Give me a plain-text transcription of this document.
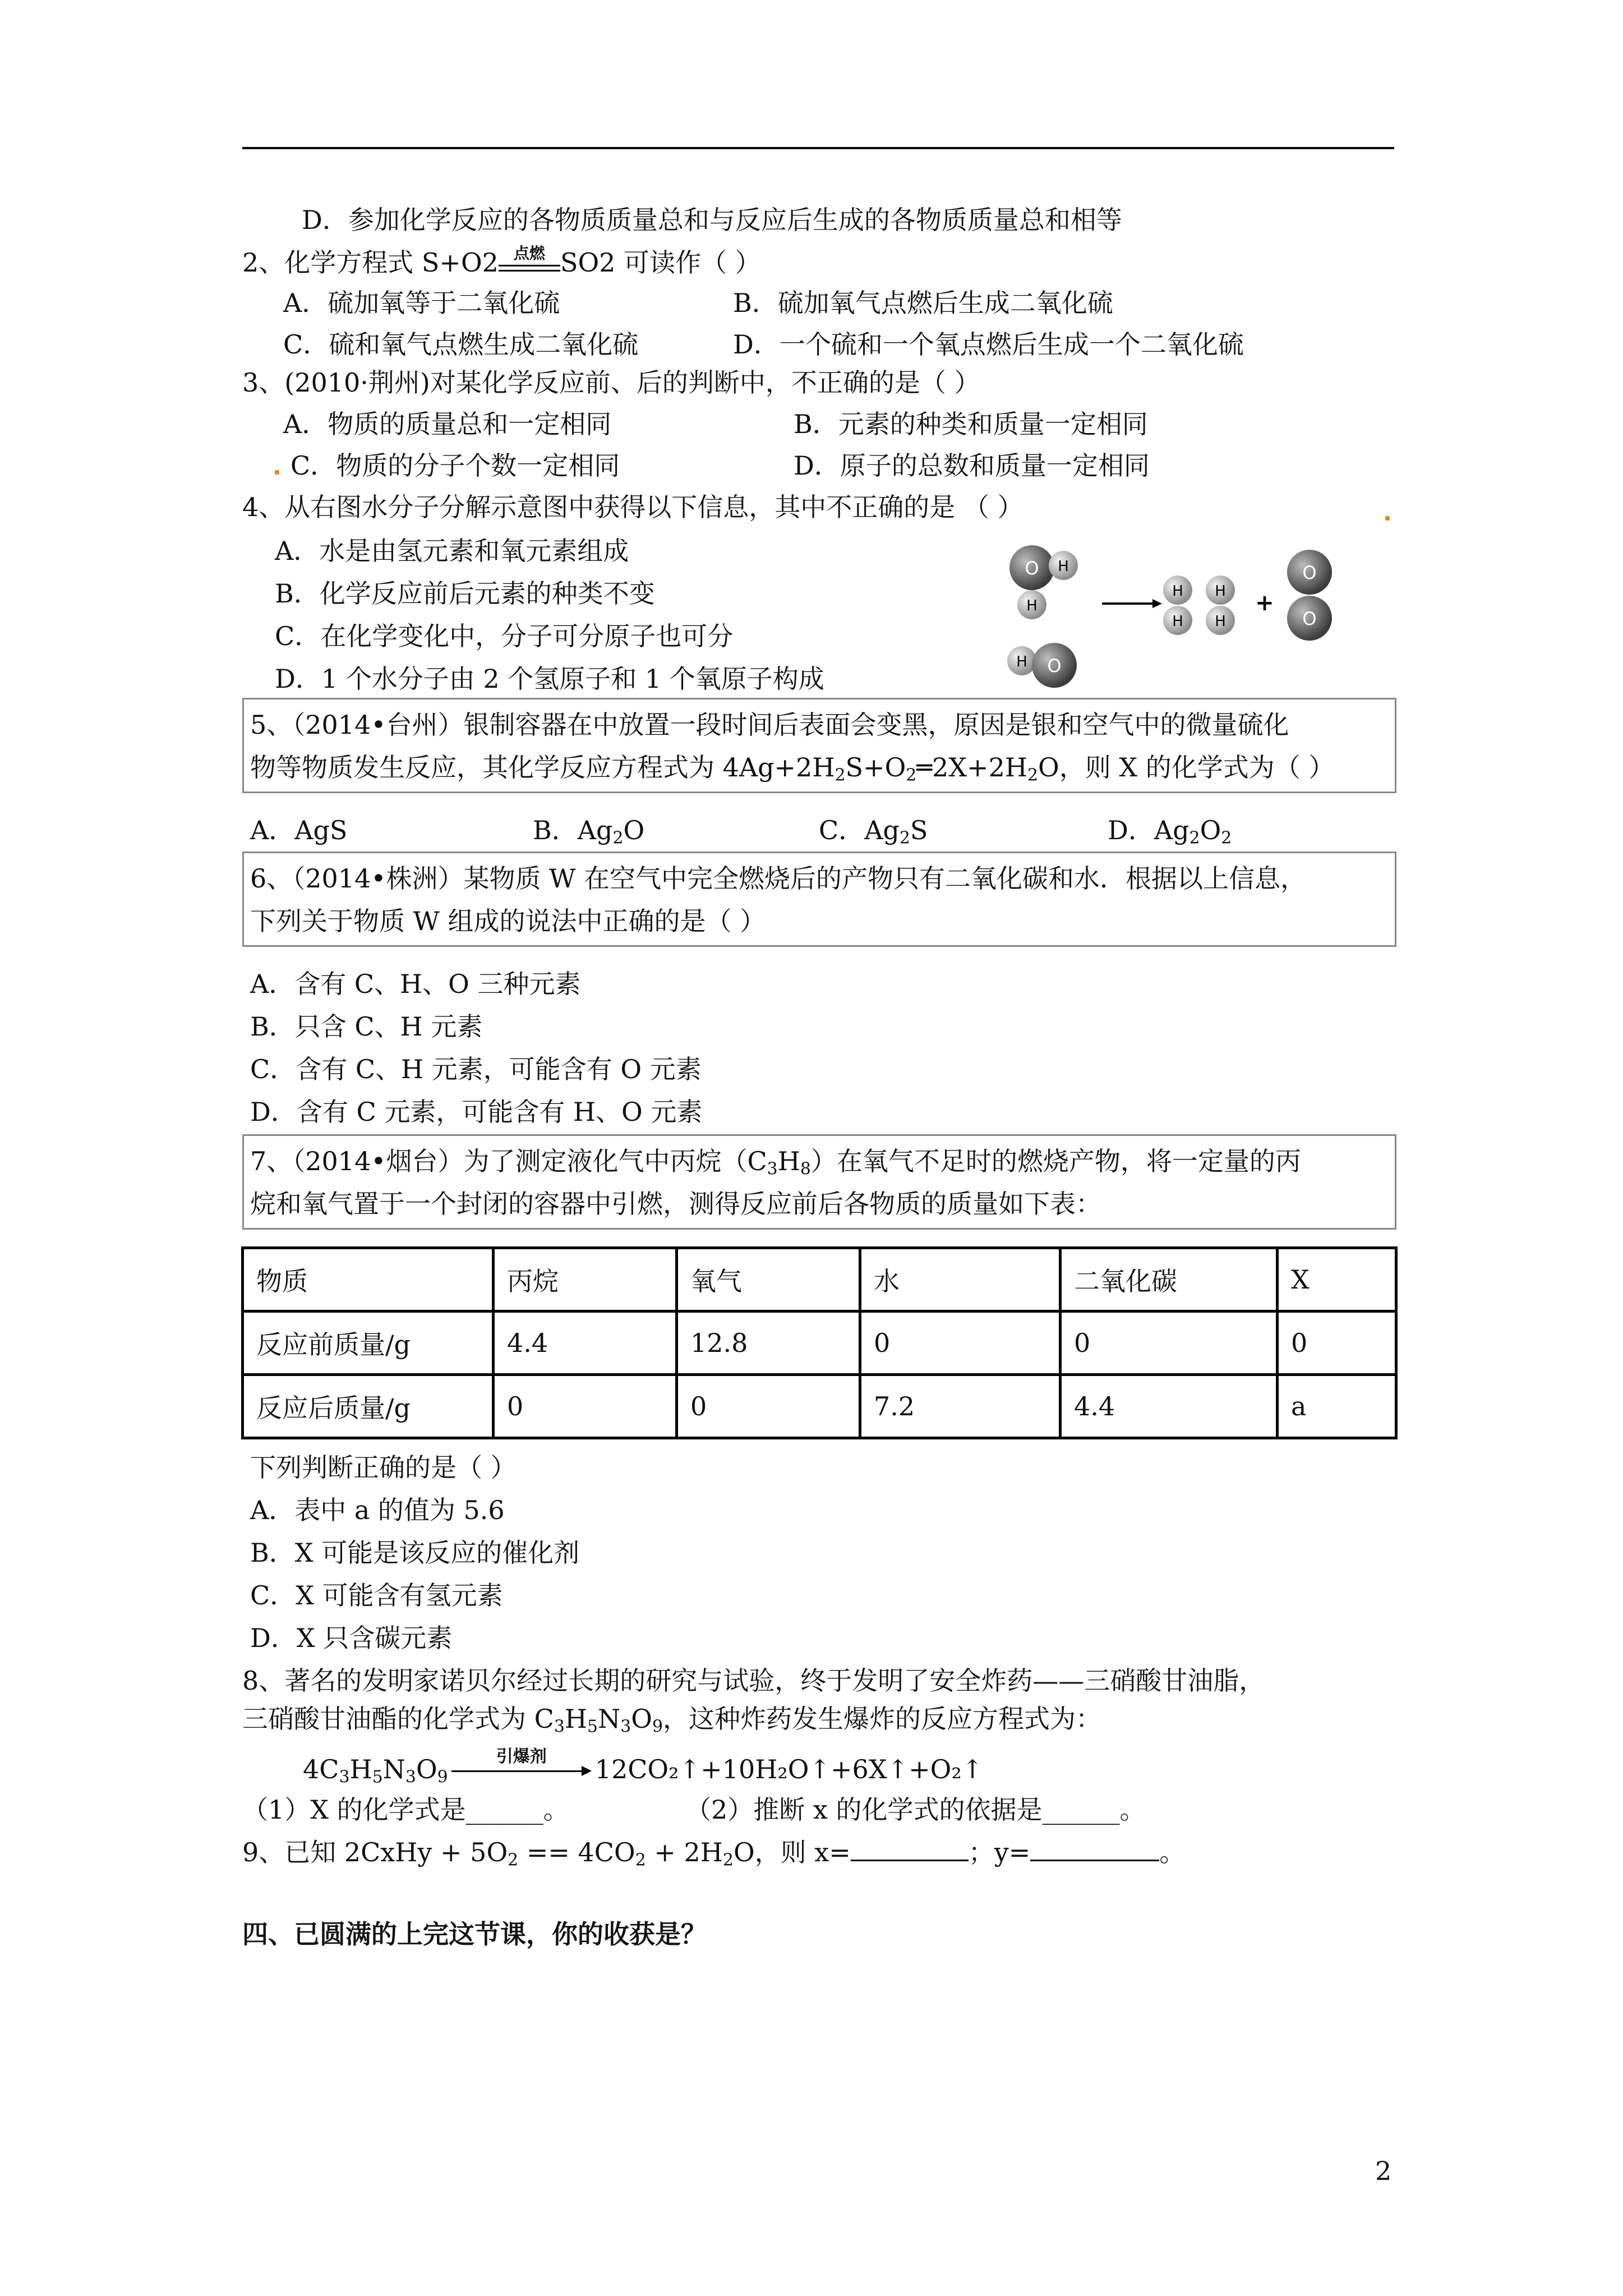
D．参加化学反应的各物质质量总和与反应后生成的各物质质量总和相等
2、化学方程式 S+O2 点燃 SO2 可读作（ ）
A．硫加氧等于二氧化硫	B．硫加氧气点燃后生成二氧化硫
C．硫和氧气点燃生成二氧化硫	D．一个硫和一个氧点燃后生成一个二氧化硫
3、(2010·荆州)对某化学反应前、后的判断中，不正确的是（ ）
A．物质的质量总和一定相同	B．元素的种类和质量一定相同
C．物质的分子个数一定相同	D．原子的总数和质量一定相同
4、从右图水分子分解示意图中获得以下信息，其中不正确的是 （ ）
A．水是由氢元素和氧元素组成
B．化学反应前后元素的种类不变
C．在化学变化中，分子可分原子也可分
D．1 个水分子由 2 个氢原子和 1 个氧原子构成
O H
H
H O
H
H
H
H
+
O
O
5、（2014•台州）银制容器在中放置一段时间后表面会变黑，原因是银和空气中的微量硫化
物等物质发生反应，其化学反应方程式为 $4Ag+2H_2S+O_2═2X+2H_2O$，则 X 的化学式为（ ）
A．AgS	B．$Ag_2O$	C．$Ag_2S$	D．$Ag_2O_2$
6、（2014•株洲）某物质 W 在空气中完全燃烧后的产物只有二氧化碳和水．根据以上信息，
下列关于物质 W 组成的说法中正确的是（ ）
A．含有 C、H、O 三种元素
B．只含 C、H 元素
C．含有 C、H 元素，可能含有 O 元素
D．含有 C 元素，可能含有 H、O 元素
7、（2014•烟台）为了测定液化气中丙烷$(C_3H_8)$在氧气不足时的燃烧产物，将一定量的丙
烷和氧气置于一个封闭的容器中引燃，测得反应前后各物质的质量如下表：
物质	丙烷	氧气	水	二氧化碳	X
反应前质量/g	4.4	12.8	0	0	0
反应后质量/g	0	0	7.2	4.4	a
下列判断正确的是（ ）
A．表中 a 的值为 5.6
B．X 可能是该反应的催化剂
C．X 可能含有氢元素
D．X 只含碳元素
8、著名的发明家诺贝尔经过长期的研究与试验，终于发明了安全炸药——三硝酸甘油脂，
三硝酸甘油酯的化学式为 $C_3H_5N_3O_9$，这种炸药发生爆炸的反应方程式为：
$4C_3H_5N_3O_9$
引爆剂	12CO₂↑+10H₂O↑+6X↑+O₂↑
（1）X 的化学式是______。	（2）推断 x 的化学式的依据是______。
9、已知 2CxHy + $5O_2 == 4CO_2 + 2H_2O$，则 x=	；y=	。
四、已圆满的上完这节课，你的收获是？
2
